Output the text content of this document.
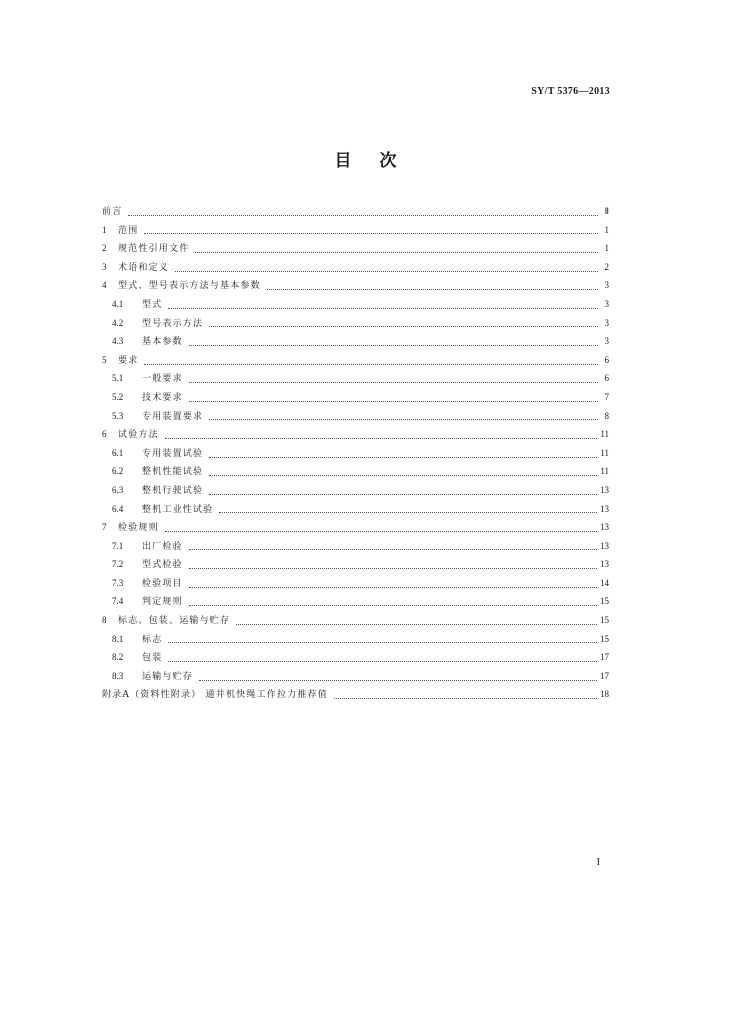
SY/T 5376—2013
目 次
前言	Ⅱ
1	范围	1
2	规范性引用文件	1
3	术语和定义	2
4	型式、型号表示方法与基本参数	3
4.1	型式	3
4.2	型号表示方法	3
4.3	基本参数	3
5	要求	6
5.1	一般要求	6
5.2	技术要求	7
5.3	专用装置要求	8
6	试验方法	11
6.1	专用装置试验	11
6.2	整机性能试验	11
6.3	整机行驶试验	13
6.4	整机工业性试验	13
7	检验规则	13
7.1	出厂检验	13
7.2	型式检验	13
7.3	检验项目	14
7.4	判定规则	15
8	标志、包装、运输与贮存	15
8.1	标志	15
8.2	包装	17
8.3	运输与贮存	17
附录A（资料性附录） 通井机快绳工作拉力推荐值	18
I
